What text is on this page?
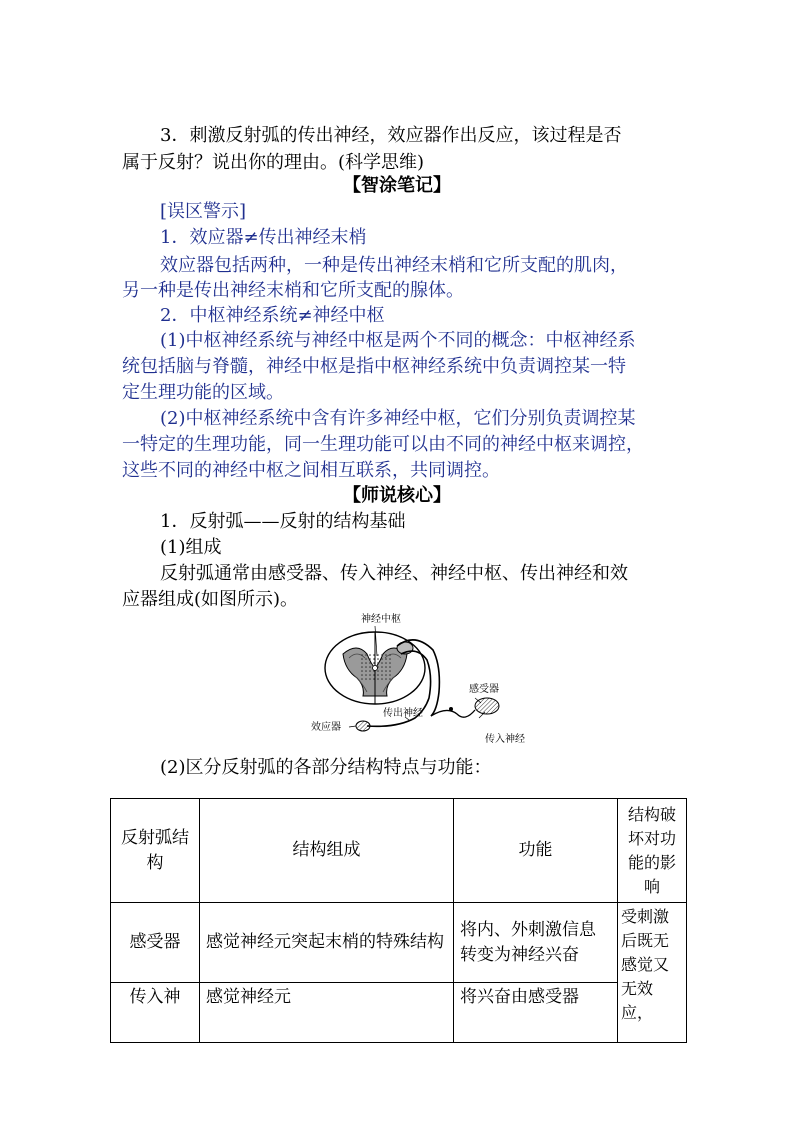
3．刺激反射弧的传出神经，效应器作出反应，该过程是否
属于反射？说出你的理由。(科学思维)
【智涂笔记】
[误区警示]
1．效应器≠传出神经末梢
效应器包括两种，一种是传出神经末梢和它所支配的肌肉，
另一种是传出神经末梢和它所支配的腺体。
2．中枢神经系统≠神经中枢
(1)中枢神经系统与神经中枢是两个不同的概念：中枢神经系
统包括脑与脊髓，神经中枢是指中枢神经系统中负责调控某一特
定生理功能的区域。
(2)中枢神经系统中含有许多神经中枢，它们分别负责调控某
一特定的生理功能，同一生理功能可以由不同的神经中枢来调控，
这些不同的神经中枢之间相互联系，共同调控。
【师说核心】
1．反射弧——反射的结构基础
(1)组成
反射弧通常由感受器、传入神经、神经中枢、传出神经和效
应器组成(如图所示)。
神经中枢
感受器
传出神经
效应器
传入神经
(2)区分反射弧的各部分结构特点与功能：
反射弧结构	结构组成	功能	结构破坏对功能的影响
感受器	感觉神经元突起末梢的特殊结构	将内、外刺激信息转变为神经兴奋	受刺激后既无感觉又无效应，
传入神	感觉神经元	将兴奋由感受器	
